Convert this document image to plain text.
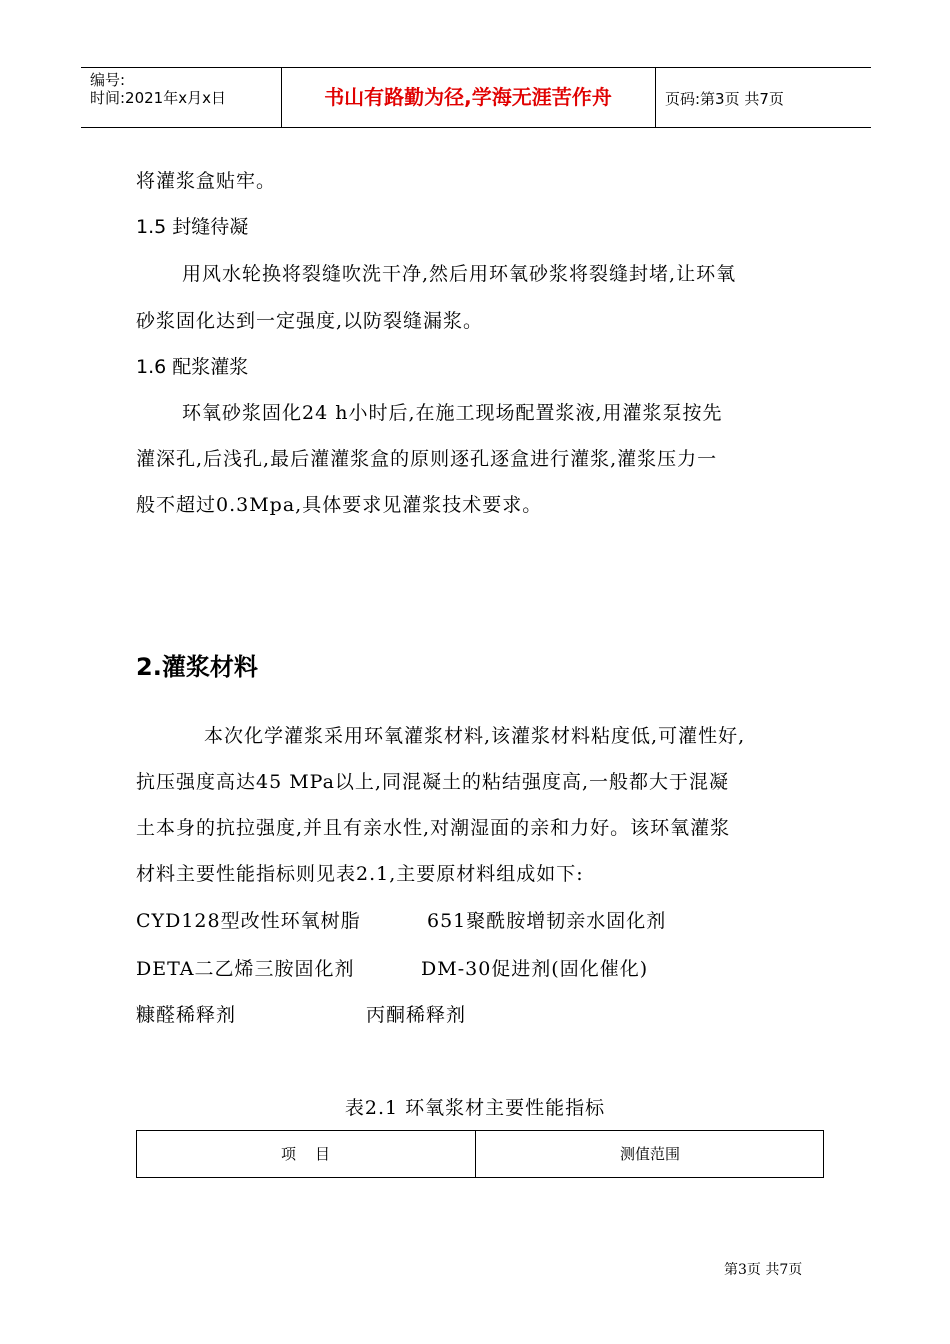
编号:
时间:2021年x月x日	书山有路勤为径,学海无涯苦作舟	页码:第3页 共7页
将灌浆盒贴牢。
1.5 封缝待凝
用风水轮换将裂缝吹洗干净,然后用环氧砂浆将裂缝封堵,让环氧
砂浆固化达到一定强度,以防裂缝漏浆。
1.6 配浆灌浆
环氧砂浆固化24 h小时后,在施工现场配置浆液,用灌浆泵按先
灌深孔,后浅孔,最后灌灌浆盒的原则逐孔逐盒进行灌浆,灌浆压力一
般不超过0.3Mpa,具体要求见灌浆技术要求。
2.灌浆材料
本次化学灌浆采用环氧灌浆材料,该灌浆材料粘度低,可灌性好,
抗压强度高达45 MPa以上,同混凝土的粘结强度高,一般都大于混凝
土本身的抗拉强度,并且有亲水性,对潮湿面的亲和力好。该环氧灌浆
材料主要性能指标则见表2.1,主要原材料组成如下:
CYD128型改性环氧树脂	651聚酰胺增韧亲水固化剂
DETA二乙烯三胺固化剂	DM-30促进剂(固化催化)
糠醛稀释剂	丙酮稀释剂
表2.1 环氧浆材主要性能指标
项    目	测值范围
第3页 共7页
